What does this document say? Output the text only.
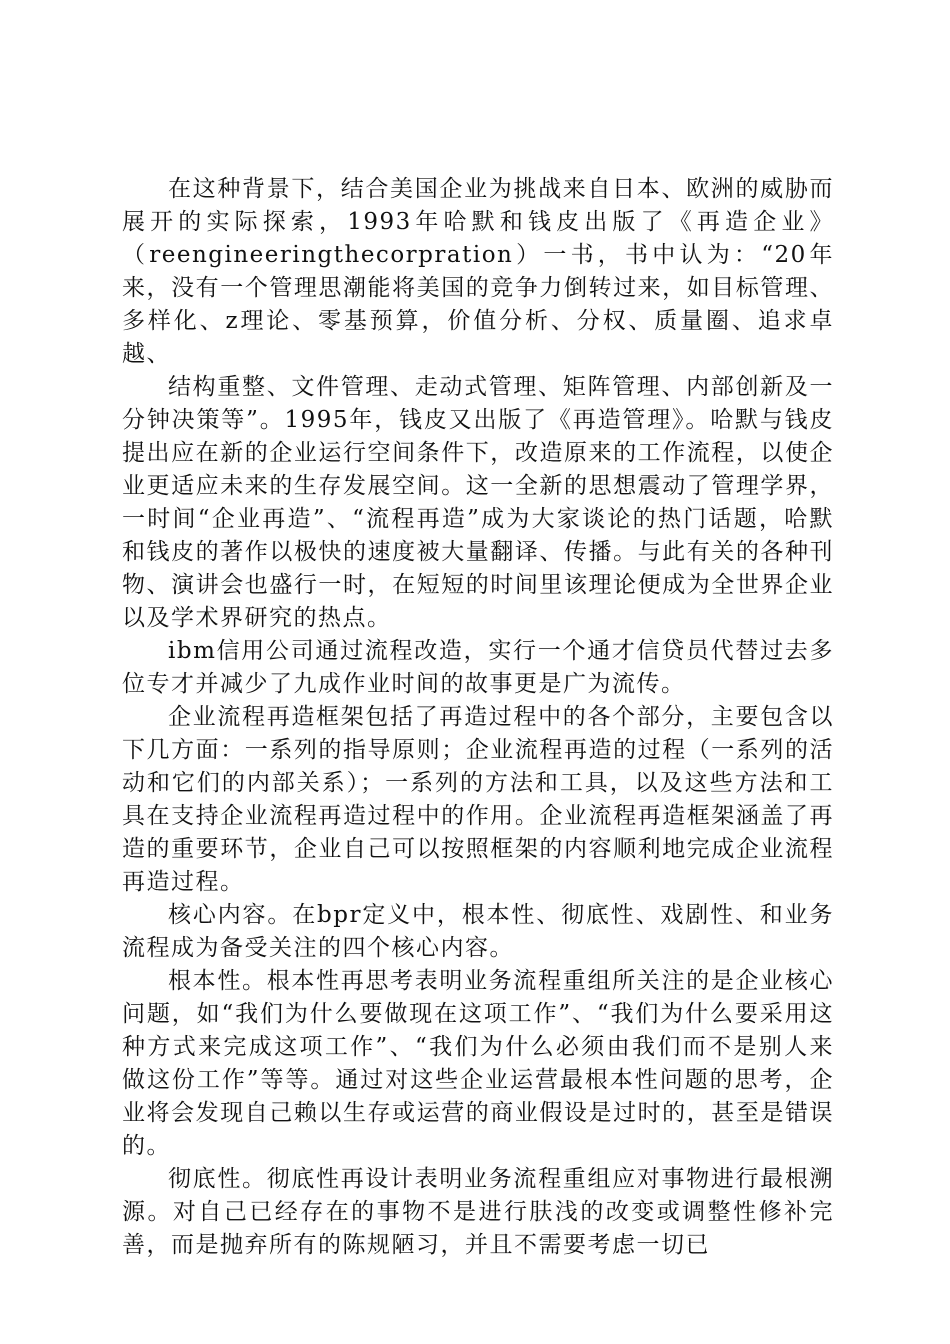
在这种背景下，结合美国企业为挑战来自日本、欧洲的威胁而展开的实际探索，1993年哈默和钱皮出版了《再造企业》（reengineeringthecorpration）一书，书中认为：“20年来，没有一个管理思潮能将美国的竞争力倒转过来，如目标管理、多样化、z理论、零基预算，价值分析、分权、质量圈、追求卓越、

结构重整、文件管理、走动式管理、矩阵管理、内部创新及一分钟决策等”。1995年，钱皮又出版了《再造管理》。哈默与钱皮提出应在新的企业运行空间条件下，改造原来的工作流程，以使企业更适应未来的生存发展空间。这一全新的思想震动了管理学界，一时间“企业再造”、“流程再造”成为大家谈论的热门话题，哈默和钱皮的著作以极快的速度被大量翻译、传播。与此有关的各种刊物、演讲会也盛行一时，在短短的时间里该理论便成为全世界企业以及学术界研究的热点。

ibm信用公司通过流程改造，实行一个通才信贷员代替过去多位专才并减少了九成作业时间的故事更是广为流传。

企业流程再造框架包括了再造过程中的各个部分，主要包含以下几方面：一系列的指导原则；企业流程再造的过程（一系列的活动和它们的内部关系）；一系列的方法和工具，以及这些方法和工具在支持企业流程再造过程中的作用。企业流程再造框架涵盖了再造的重要环节，企业自己可以按照框架的内容顺利地完成企业流程再造过程。

核心内容。在bpr定义中，根本性、彻底性、戏剧性、和业务流程成为备受关注的四个核心内容。

根本性。根本性再思考表明业务流程重组所关注的是企业核心问题，如“我们为什么要做现在这项工作”、“我们为什么要采用这种方式来完成这项工作”、“我们为什么必须由我们而不是别人来做这份工作”等等。通过对这些企业运营最根本性问题的思考，企业将会发现自己赖以生存或运营的商业假设是过时的，甚至是错误的。

彻底性。彻底性再设计表明业务流程重组应对事物进行最根溯源。对自己已经存在的事物不是进行肤浅的改变或调整性修补完善，而是抛弃所有的陈规陋习，并且不需要考虑一切已
